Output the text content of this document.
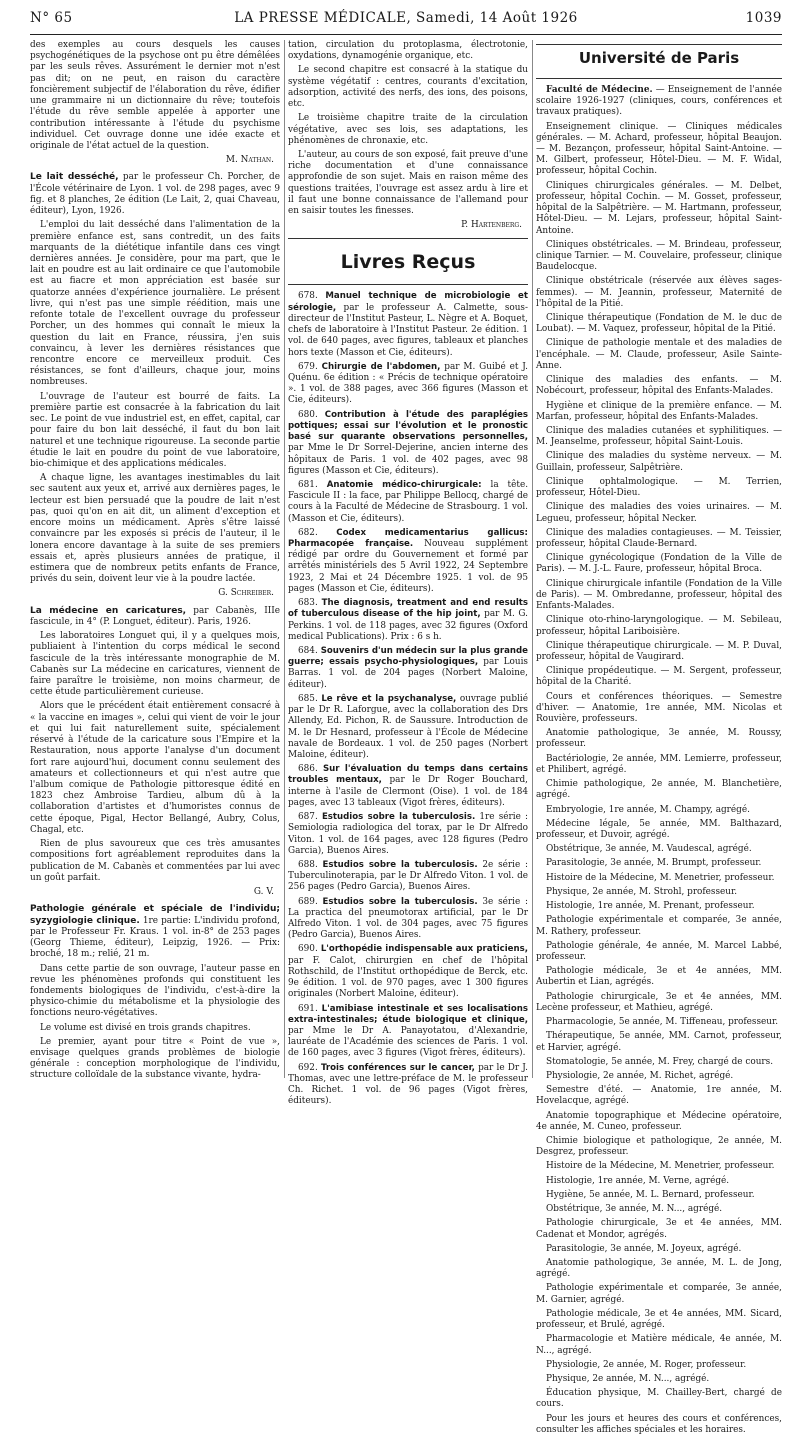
N° 65	LA PRESSE MÉDICALE, Samedi, 14 Août 1926	1039

des exemples au cours desquels les causes psychogénétiques de la psychose ont pu être démêlées par les seuls rêves. Assurément le dernier mot n'est pas dit; on ne peut, en raison du caractère foncièrement subjectif de l'élaboration du rêve, édifier une grammaire ni un dictionnaire du rêve; toutefois l'étude du rêve semble appelée à apporter une contribution intéressante à l'étude du psychisme individuel. Cet ouvrage donne une idée exacte et originale de l'état actuel de la question.

M. Nathan.

Le lait desséché, par le professeur Ch. Porcher, de l'École vétérinaire de Lyon. 1 vol. de 298 pages, avec 9 fig. et 8 planches, 2e édition (Le Lait, 2, quai Chaveau, éditeur), Lyon, 1926.

L'emploi du lait desséché dans l'alimentation de la première enfance est, sans contredit, un des faits marquants de la diététique infantile dans ces vingt dernières années. Je considère, pour ma part, que le lait en poudre est au lait ordinaire ce que l'automobile est au fiacre et mon appréciation est basée sur quatorze années d'expérience journalière. Le présent livre, qui n'est pas une simple réédition, mais une refonte totale de l'excellent ouvrage du professeur Porcher, un des hommes qui connaît le mieux la question du lait en France, réussira, j'en suis convaincu, à lever les dernières résistances que rencontre encore ce merveilleux produit. Ces résistances, se font d'ailleurs, chaque jour, moins nombreuses.

L'ouvrage de l'auteur est bourré de faits. La première partie est consacrée à la fabrication du lait sec. Le point de vue industriel est, en effet, capital, car pour faire du bon lait desséché, il faut du bon lait naturel et une technique rigoureuse. La seconde partie étudie le lait en poudre du point de vue laboratoire, bio-chimique et des applications médicales.

A chaque ligne, les avantages inestimables du lait sec sautent aux yeux et, arrivé aux dernières pages, le lecteur est bien persuadé que la poudre de lait n'est pas, quoi qu'on en ait dit, un aliment d'exception et encore moins un médicament. Après s'être laissé convaincre par les exposés si précis de l'auteur, il le lonera encore davantage à la suite de ses premiers essais et, après plusieurs années de pratique, il estimera que de nombreux petits enfants de France, privés du sein, doivent leur vie à la poudre lactée.

G. Schreiber.

La médecine en caricatures, par Cabanès, IIIe fascicule, in 4° (P. Longuet, éditeur). Paris, 1926.

Les laboratoires Longuet qui, il y a quelques mois, publiaient à l'intention du corps médical le second fascicule de la très intéressante monographie de M. Cabanès sur La médecine en caricatures, viennent de faire paraître le troisième, non moins charmeur, de cette étude particulièrement curieuse.

Alors que le précédent était entièrement consacré à « la vaccine en images », celui qui vient de voir le jour et qui lui fait naturellement suite, spécialement réservé à l'étude de la caricature sous l'Empire et la Restauration, nous apporte l'analyse d'un document fort rare aujourd'hui, document connu seulement des amateurs et collectionneurs et qui n'est autre que l'album comique de Pathologie pittoresque édité en 1823 chez Ambroise Tardieu, album dû à la collaboration d'artistes et d'humoristes connus de cette époque, Pigal, Hector Bellangé, Aubry, Colus, Chagal, etc.

Rien de plus savoureux que ces très amusantes compositions fort agréablement reproduites dans la publication de M. Cabanès et commentées par lui avec un goût parfait.

G. V.

Pathologie générale et spéciale de l'individu; syzygiologie clinique. 1re partie: L'individu profond, par le Professeur Fr. Kraus. 1 vol. in-8° de 253 pages (Georg Thieme, éditeur), Leipzig, 1926. — Prix: broché, 18 m.; relié, 21 m.

Dans cette partie de son ouvrage, l'auteur passe en revue les phénomènes profonds qui constituent les fondements biologiques de l'individu, c'est-à-dire la physico-chimie du métabolisme et la physiologie des fonctions neuro-végétatives.

Le volume est divisé en trois grands chapitres.

Le premier, ayant pour titre « Point de vue », envisage quelques grands problèmes de biologie générale : conception morphologique de l'individu, structure colloïdale de la substance vivante, hydra-

tation, circulation du protoplasma, électrotonie, oxydations, dynamogénie organique, etc.

Le second chapitre est consacré à la statique du système végétatif : centres, courants d'excitation, adsorption, activité des nerfs, des ions, des poisons, etc.

Le troisième chapitre traite de la circulation végétative, avec ses lois, ses adaptations, les phénomènes de chronaxie, etc.

L'auteur, au cours de son exposé, fait preuve d'une riche documentation et d'une connaissance approfondie de son sujet. Mais en raison même des questions traitées, l'ouvrage est assez ardu à lire et il faut une bonne connaissance de l'allemand pour en saisir toutes les finesses.

P. Hartenberg.
Livres Reçus

678. Manuel technique de microbiologie et sérologie, par le professeur A. Calmette, sous-directeur de l'Institut Pasteur, L. Nègre et A. Boquet, chefs de laboratoire à l'Institut Pasteur. 2e édition. 1 vol. de 640 pages, avec figures, tableaux et planches hors texte (Masson et Cie, éditeurs).

679. Chirurgie de l'abdomen, par M. Guibé et J. Quénu. 6e édition : « Précis de technique opératoire ». 1 vol. de 388 pages, avec 366 figures (Masson et Cie, éditeurs).

680. Contribution à l'étude des paraplégies pottiques; essai sur l'évolution et le pronostic basé sur quarante observations personnelles, par Mme le Dr Sorrel-Dejerine, ancien interne des hôpitaux de Paris. 1 vol. de 402 pages, avec 98 figures (Masson et Cie, éditeurs).

681. Anatomie médico-chirurgicale: la tête. Fascicule II : la face, par Philippe Bellocq, chargé de cours à la Faculté de Médecine de Strasbourg. 1 vol. (Masson et Cie, éditeurs).

682. Codex medicamentarius gallicus: Pharmacopée française. Nouveau supplément rédigé par ordre du Gouvernement et formé par arrêtés ministériels des 5 Avril 1922, 24 Septembre 1923, 2 Mai et 24 Décembre 1925. 1 vol. de 95 pages (Masson et Cie, éditeurs).

683. The diagnosis, treatment and end results of tuberculous disease of the hip joint, par M. G. Perkins. 1 vol. de 118 pages, avec 32 figures (Oxford medical Publications). Prix : 6 s h.

684. Souvenirs d'un médecin sur la plus grande guerre; essais psycho-physiologiques, par Louis Barras. 1 vol. de 204 pages (Norbert Maloine, éditeur).

685. Le rêve et la psychanalyse, ouvrage publié par le Dr R. Laforgue, avec la collaboration des Drs Allendy, Ed. Pichon, R. de Saussure. Introduction de M. le Dr Hesnard, professeur à l'École de Médecine navale de Bordeaux. 1 vol. de 250 pages (Norbert Maloine, éditeur).

686. Sur l'évaluation du temps dans certains troubles mentaux, par le Dr Roger Bouchard, interne à l'asile de Clermont (Oise). 1 vol. de 184 pages, avec 13 tableaux (Vigot frères, éditeurs).

687. Estudios sobre la tuberculosis. 1re série : Semiologia radiologica del torax, par le Dr Alfredo Viton. 1 vol. de 164 pages, avec 128 figures (Pedro Garcia), Buenos Aires.

688. Estudios sobre la tuberculosis. 2e série : Tuberculinoterapia, par le Dr Alfredo Viton. 1 vol. de 256 pages (Pedro Garcia), Buenos Aires.

689. Estudios sobre la tuberculosis. 3e série : La practica del pneumotorax artificial, par le Dr Alfredo Viton. 1 vol. de 304 pages, avec 75 figures (Pedro Garcia), Buenos Aires.

690. L'orthopédie indispensable aux praticiens, par F. Calot, chirurgien en chef de l'hôpital Rothschild, de l'Institut orthopédique de Berck, etc. 9e édition. 1 vol. de 970 pages, avec 1 300 figures originales (Norbert Maloine, éditeur).

691. L'amibiase intestinale et ses localisations extra-intestinales; étude biologique et clinique, par Mme le Dr A. Panayotatou, d'Alexandrie, lauréate de l'Académie des sciences de Paris. 1 vol. de 160 pages, avec 3 figures (Vigot frères, éditeurs).

692. Trois conférences sur le cancer, par le Dr J. Thomas, avec une lettre-préface de M. le professeur Ch. Richet. 1 vol. de 96 pages (Vigot frères, éditeurs).

Université de Paris

Faculté de Médecine. — Enseignement de l'année scolaire 1926-1927 (cliniques, cours, conférences et travaux pratiques).

Enseignement clinique. — Cliniques médicales générales. — M. Achard, professeur, hôpital Beaujon. — M. Bezançon, professeur, hôpital Saint-Antoine. — M. Gilbert, professeur, Hôtel-Dieu. — M. F. Widal, professeur, hôpital Cochin.

Cliniques chirurgicales générales. — M. Delbet, professeur, hôpital Cochin. — M. Gosset, professeur, hôpital de la Salpêtrière. — M. Hartmann, professeur, Hôtel-Dieu. — M. Lejars, professeur, hôpital Saint-Antoine.

Cliniques obstétricales. — M. Brindeau, professeur, clinique Tarnier. — M. Couvelaire, professeur, clinique Baudelocque.

Clinique obstétricale (réservée aux élèves sages-femmes). — M. Jeannin, professeur, Maternité de l'hôpital de la Pitié.

Clinique thérapeutique (Fondation de M. le duc de Loubat). — M. Vaquez, professeur, hôpital de la Pitié.

Clinique de pathologie mentale et des maladies de l'encéphale. — M. Claude, professeur, Asile Sainte-Anne.

Clinique des maladies des enfants. — M. Nobécourt, professeur, hôpital des Enfants-Malades.

Hygiène et clinique de la première enfance. — M. Marfan, professeur, hôpital des Enfants-Malades.

Clinique des maladies cutanées et syphilitiques. — M. Jeanselme, professeur, hôpital Saint-Louis.

Clinique des maladies du système nerveux. — M. Guillain, professeur, Salpêtrière.

Clinique ophtalmologique. — M. Terrien, professeur, Hôtel-Dieu.

Clinique des maladies des voies urinaires. — M. Legueu, professeur, hôpital Necker.

Clinique des maladies contagieuses. — M. Teissier, professeur, hôpital Claude-Bernard.

Clinique gynécologique (Fondation de la Ville de Paris). — M. J.-L. Faure, professeur, hôpital Broca.

Clinique chirurgicale infantile (Fondation de la Ville de Paris). — M. Ombredanne, professeur, hôpital des Enfants-Malades.

Clinique oto-rhino-laryngologique. — M. Sebileau, professeur, hôpital Lariboisière.

Clinique thérapeutique chirurgicale. — M. P. Duval, professeur, hôpital de Vaugirard.

Clinique propédeutique. — M. Sergent, professeur, hôpital de la Charité.

Cours et conférences théoriques. — Semestre d'hiver. — Anatomie, 1re année, MM. Nicolas et Rouvière, professeurs.

Anatomie pathologique, 3e année, M. Roussy, professeur.

Bactériologie, 2e année, MM. Lemierre, professeur, et Philibert, agrégé.

Chimie pathologique, 2e année, M. Blanchetière, agrégé.

Embryologie, 1re année, M. Champy, agrégé.

Médecine légale, 5e année, MM. Balthazard, professeur, et Duvoir, agrégé.

Obstétrique, 3e année, M. Vaudescal, agrégé.

Parasitologie, 3e année, M. Brumpt, professeur.

Histoire de la Médecine, M. Menetrier, professeur.

Physique, 2e année, M. Strohl, professeur.

Histologie, 1re année, M. Prenant, professeur.

Pathologie expérimentale et comparée, 3e année, M. Rathery, professeur.

Pathologie générale, 4e année, M. Marcel Labbé, professeur.

Pathologie médicale, 3e et 4e années, MM. Aubertin et Lian, agrégés.

Pathologie chirurgicale, 3e et 4e années, MM. Lecène professeur, et Mathieu, agrégé.

Pharmacologie, 5e année, M. Tiffeneau, professeur.

Thérapeutique, 5e année, MM. Carnot, professeur, et Harvier, agrégé.

Stomatologie, 5e année, M. Frey, chargé de cours.

Physiologie, 2e année, M. Richet, agrégé.

Semestre d'été. — Anatomie, 1re année, M. Hovelacque, agrégé.

Anatomie topographique et Médecine opératoire, 4e année, M. Cuneo, professeur.

Chimie biologique et pathologique, 2e année, M. Desgrez, professeur.

Histoire de la Médecine, M. Menetrier, professeur.

Histologie, 1re année, M. Verne, agrégé.

Hygiène, 5e année, M. L. Bernard, professeur.

Obstétrique, 3e année, M. N..., agrégé.

Pathologie chirurgicale, 3e et 4e années, MM. Cadenat et Mondor, agrégés.

Parasitologie, 3e année, M. Joyeux, agrégé.

Anatomie pathologique, 3e année, M. L. de Jong, agrégé.

Pathologie expérimentale et comparée, 3e année, M. Garnier, agrégé.

Pathologie médicale, 3e et 4e années, MM. Sicard, professeur, et Brulé, agrégé.

Pharmacologie et Matière médicale, 4e année, M. N..., agrégé.

Physiologie, 2e année, M. Roger, professeur.

Physique, 2e année, M. N..., agrégé.

Éducation physique, M. Chailley-Bert, chargé de cours.

Pour les jours et heures des cours et conférences, consulter les affiches spéciales et les horaires.
